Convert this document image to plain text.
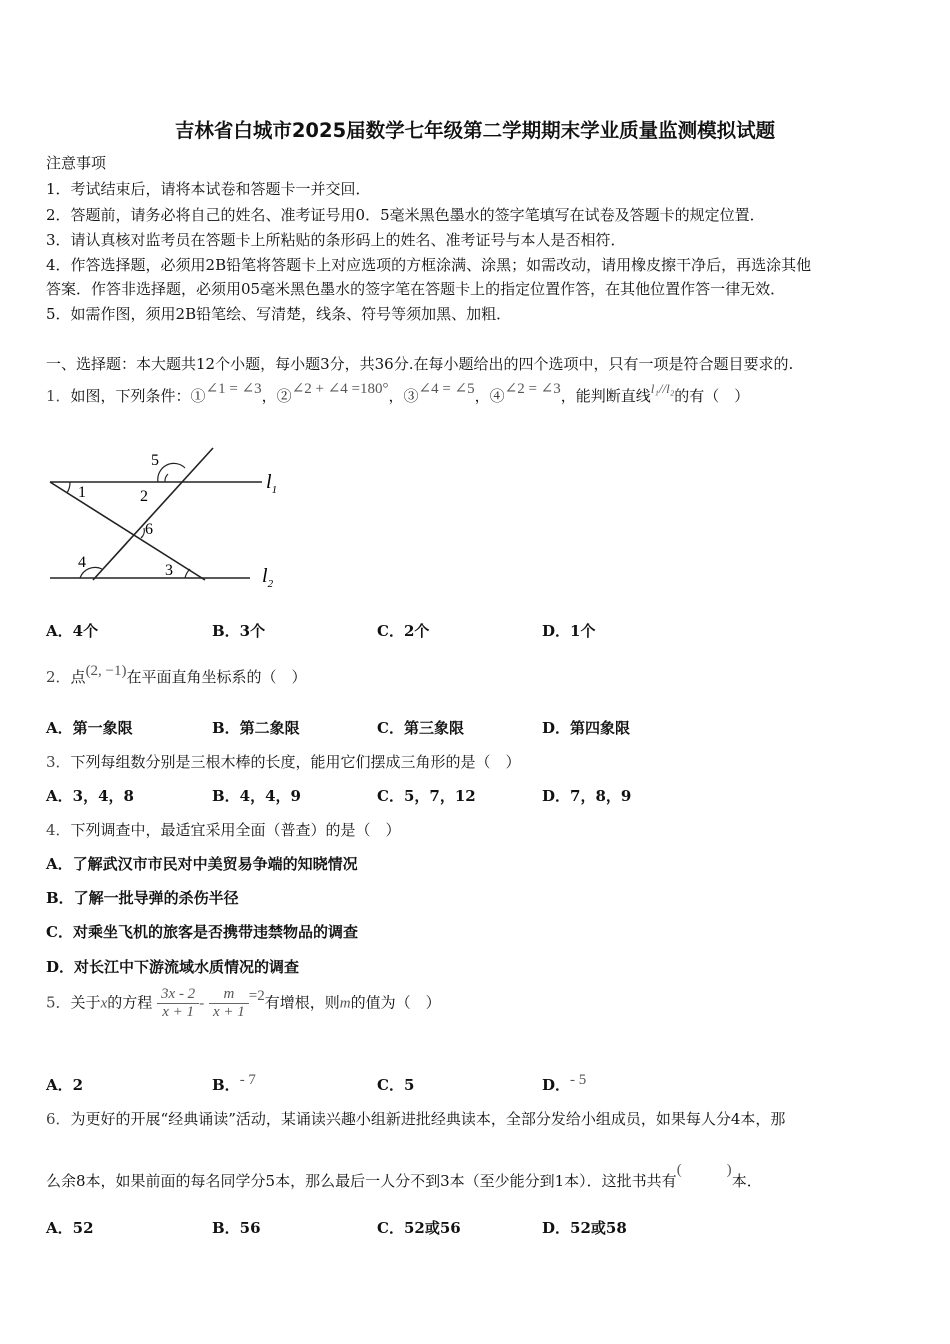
吉林省白城市2025届数学七年级第二学期期末学业质量监测模拟试题
注意事项
1．考试结束后，请将本试卷和答题卡一并交回．
2．答题前，请务必将自己的姓名、准考证号用0．5毫米黑色墨水的签字笔填写在试卷及答题卡的规定位置．
3．请认真核对监考员在答题卡上所粘贴的条形码上的姓名、准考证号与本人是否相符．
4．作答选择题，必须用2B铅笔将答题卡上对应选项的方框涂满、涂黑；如需改动，请用橡皮擦干净后，再选涂其他
答案．作答非选择题，必须用05毫米黑色墨水的签字笔在答题卡上的指定位置作答，在其他位置作答一律无效．
5．如需作图，须用2B铅笔绘、写清楚，线条、符号等须加黑、加粗．
一、选择题：本大题共12个小题，每小题3分，共36分.在每小题给出的四个选项中，只有一项是符合题目要求的.
1．如图，下列条件：①∠1 = ∠3，②∠2 + ∠4 =180°，③∠4 = ∠5，④∠2 = ∠3，能判断直线l₁//l₂的有（　）
1	2
5
6
4	3
$l_1$
$l_2$
A．4个	B．3个	C．2个	D．1个
2．点(2, −1)在平面直角坐标系的（　）
A．第一象限	B．第二象限	C．第三象限	D．第四象限
3．下列每组数分别是三根木棒的长度，能用它们摆成三角形的是（　）
A．3，4，8	B．4，4，9	C．5，7，12	D．7，8，9
4．下列调查中，最适宜采用全面（普查）的是（　）
A．了解武汉市市民对中美贸易争端的知晓情况
B．了解一批导弹的杀伤半径
C．对乘坐飞机的旅客是否携带违禁物品的调查
D．对长江中下游流域水质情况的调查
5．关于x的方程 $\frac{3x - 2}{x + 1} - \frac{m}{x + 1} =2$有增根，则m的值为（　）
A．2	B．- 7	C．5	D．- 5
6．为更好的开展“经典诵读”活动，某诵读兴趣小组新进批经典读本，全部分发给小组成员，如果每人分4本，那
么余8本，如果前面的每名同学分5本，那么最后一人分不到3本（至少能分到1本）．这批书共有(　　　)本．
A．52	B．56	C．52或56	D．52或58
